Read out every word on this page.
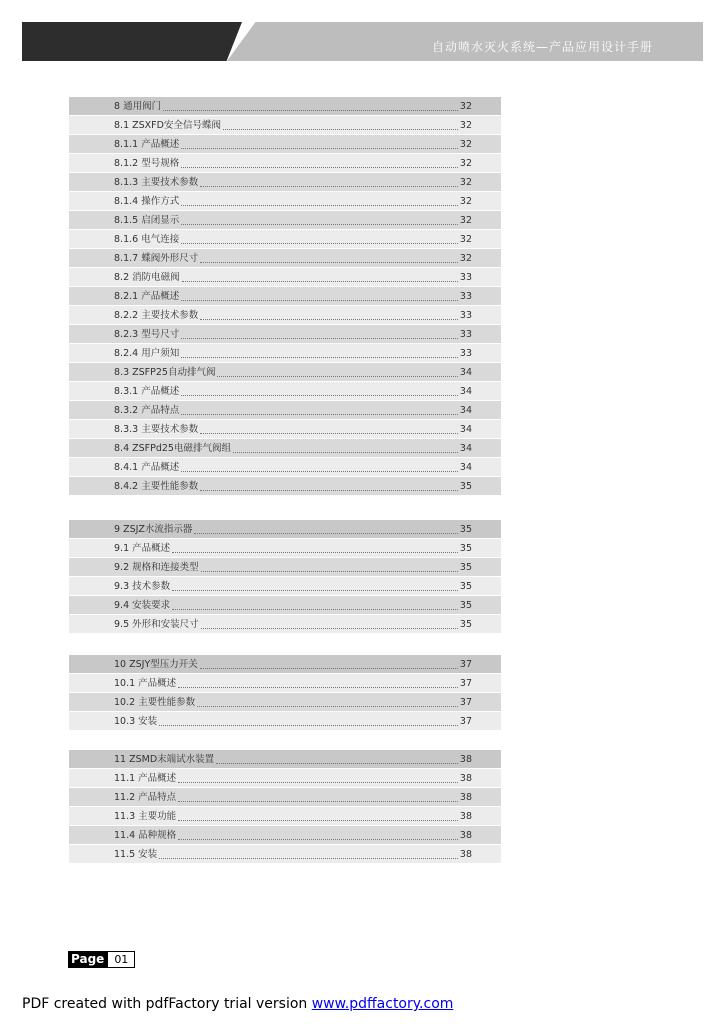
自动喷水灭火系统—产品应用设计手册
8 通用阀门	32
8.1 ZSXFD安全信号蝶阀	32
8.1.1 产品概述	32
8.1.2 型号规格	32
8.1.3 主要技术参数	32
8.1.4 操作方式	32
8.1.5 启闭显示	32
8.1.6 电气连接	32
8.1.7 蝶阀外形尺寸	32
8.2 消防电磁阀	33
8.2.1 产品概述	33
8.2.2 主要技术参数	33
8.2.3 型号尺寸	33
8.2.4 用户须知	33
8.3 ZSFP25自动排气阀	34
8.3.1 产品概述	34
8.3.2 产品特点	34
8.3.3 主要技术参数	34
8.4 ZSFPd25电磁排气阀组	34
8.4.1 产品概述	34
8.4.2 主要性能参数	35
9 ZSJZ水流指示器	35
9.1 产品概述	35
9.2 规格和连接类型	35
9.3 技术参数	35
9.4 安装要求	35
9.5 外形和安装尺寸	35
10 ZSJY型压力开关	37
10.1 产品概述	37
10.2 主要性能参数	37
10.3 安装	37
11 ZSMD末端试水装置	38
11.1 产品概述	38
11.2 产品特点	38
11.3 主要功能	38
11.4 品种规格	38
11.5 安装	38
Page 01
PDF created with pdfFactory trial version www.pdffactory.com
